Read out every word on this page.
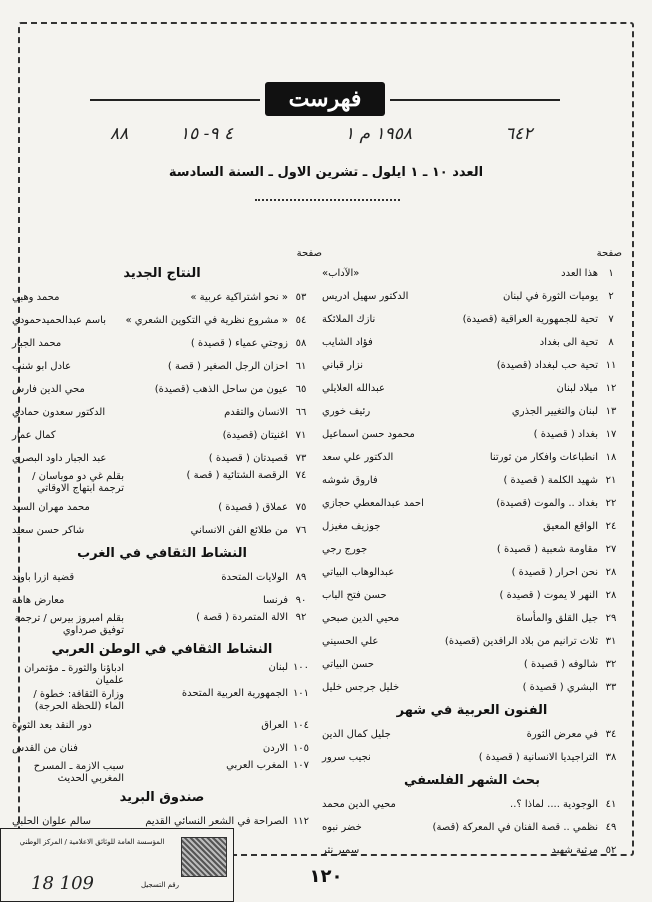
فهرست
٦٤٢
١٩٥٨ م ١
٤ ٩- ١٥
٨٨
العدد ١٠ ـ ١ ايلول ـ تشرين الاول ـ السنة السادسة
صفحة
صفحة
١
هذا العدد
«الآداب»
٢
يوميات الثورة في لبنان
الدكتور سهيل ادريس
٧
تحية للجمهورية العراقية (قصيدة)
نازك الملائكة
٨
تحية الى بغداد
فؤاد الشايب
١١
تحية حب لبغداد (قصيدة)
نزار قباني
١٢
ميلاد لبنان
عبدالله العلايلي
١٣
لبنان والتغيير الجذري
رئيف خوري
١٧
بغداد ( قصيدة )
محمود حسن اسماعيل
١٨
انطباعات وافكار من ثورتنا
الدكتور علي سعد
٢١
شهيد الكلمة ( قصيدة )
فاروق شوشه
٢٢
بغداد .. والموت (قصيدة)
احمد عبدالمعطي حجازي
٢٤
الواقع المعيق
جوزيف مغيزل
٢٧
مقاومة شعبية ( قصيدة )
جورج رجي
٢٨
نحن احرار ( قصيدة )
عبدالوهاب البياتي
٢٨
النهر لا يموت ( قصيدة )
حسن فتح الباب
٢٩
جيل القلق والمأساة
محيي الدين صبحي
٣١
ثلاث ترانيم من بلاد الرافدين (قصيدة)
علي الحسيني
٣٢
شالوفه ( قصيدة )
حسن البياتي
٣٣
البشري ( قصيدة )
خليل جرجس خليل
الفنون العربية في شهر
٣٤
في معرض الثورة
جليل كمال الدين
٣٨
التراجيديا الانسانية ( قصيدة )
نجيب سرور
بحث الشهر الفلسفي
٤١
الوجودية .... لماذا ؟..
محيي الدين محمد
٤٩
نظمي .. قصة الفنان في المعركة (قصة)
خضر نبوه
٥٢
مرثية شهيد
سمير نثر
النتاج الجديد
٥٣
« نحو اشتراكية عربية »
محمد وهبي
٥٤
« مشروع نظرية في التكوين الشعري »
باسم عبدالحميدحمودي
٥٨
زوجتي عمياء ( قصيدة )
محمد الجبار
٦١
احزان الرجل الصغير ( قصة )
عادل ابو شنب
٦٥
عيون من ساحل الذهب (قصيدة)
محي الدين فارس
٦٦
الانسان والتقدم
الدكتور سعدون حمادي
٧١
اغنيتان (قصيدة)
كمال عمار
٧٣
قصيدتان ( قصيدة )
عبد الجبار داود البصري
٧٤
الرقصة الشتائية ( قصة )
بقلم غي دو موباسان / ترجمة ابتهاج الاوقاتي
٧٥
عملاق ( قصيدة )
محمد مهران السيد
٧٦
من طلائع الفن الانساني
شاكر حسن سعيد
النشاط الثقافي في الغرب
٨٩
الولايات المتحدة
قضية ازرا باوند
٩٠
فرنسا
معارض هامة
٩٢
الالة المتمردة ( قصة )
بقلم امبروز بيرس / ترجمة توفيق صرداوي
النشاط الثقافي في الوطن العربي
١٠٠
لبنان
ادباؤنا والثورة ـ مؤتمران علميان
١٠١
الجمهورية العربية المتحدة
وزارة الثقافة: خطوة / الماء (للحظة الحرجة)
١٠٤
العراق
دور النقد بعد الثورة
١٠٥
الاردن
فنان من القدس
١٠٧
المغرب العربي
سبب الازمة ـ المسرح المغربي الحديث
صندوق البريد
١١٢
الصراحة في الشعر النسائي القديم
سالم علوان الحلبي
١٢٠
المؤسسة العامة للوثائق الاعلامية / المركز الوطني
18 109	رقم التسجيل
